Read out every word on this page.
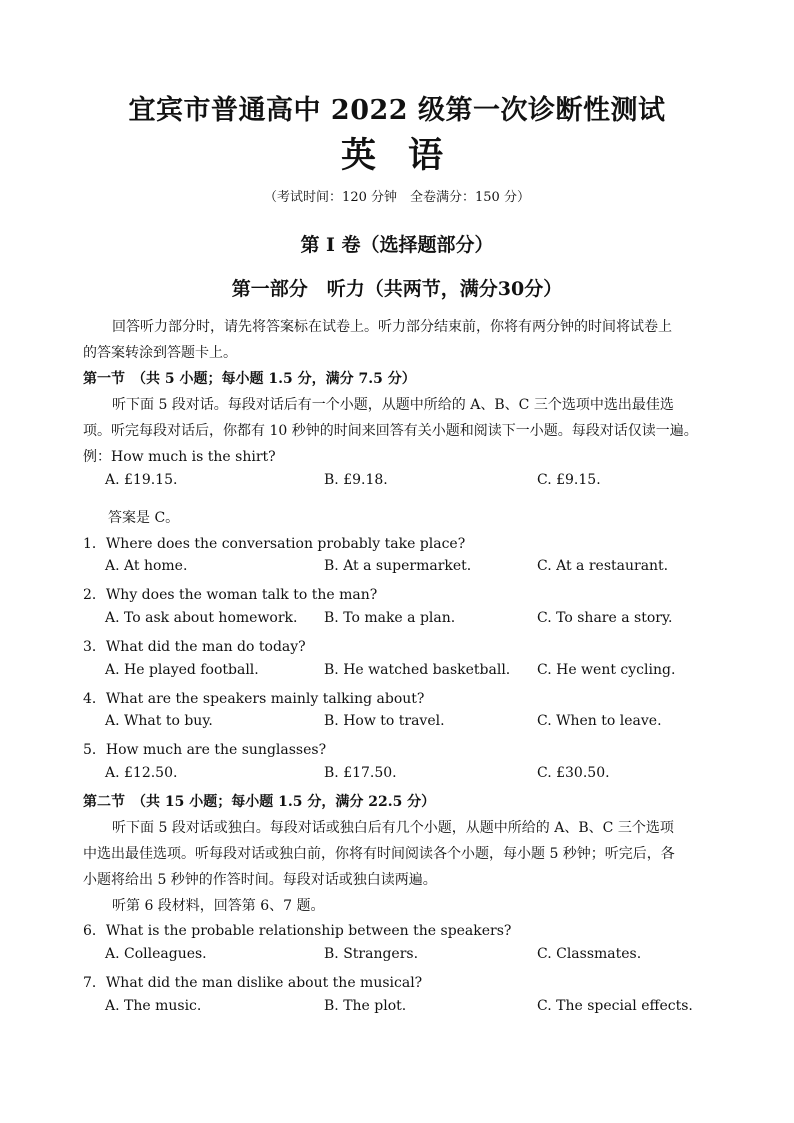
宜宾市普通高中 2022 级第一次诊断性测试
英语
（考试时间：120 分钟　全卷满分：150 分）
第 I 卷（选择题部分）
第一部分　听力（共两节，满分30分）
回答听力部分时，请先将答案标在试卷上。听力部分结束前，你将有两分钟的时间将试卷上
的答案转涂到答题卡上。
第一节　（共 5 小题；每小题 1.5 分，满分 7.5 分）
听下面 5 段对话。每段对话后有一个小题，从题中所给的 A、B、C 三个选项中选出最佳选
项。听完每段对话后，你都有 10 秒钟的时间来回答有关小题和阅读下一小题。每段对话仅读一遍。
例：How much is the shirt?
A. £19.15.	B. £9.18.	C. £9.15.
答案是 C。
1．Where does the conversation probably take place?
A. At home.	B. At a supermarket.	C. At a restaurant.
2．Why does the woman talk to the man?
A. To ask about homework. B. To make a plan.	C. To share a story.
3．What did the man do today?
A. He played football.	B. He watched basketball. C. He went cycling.
4．What are the speakers mainly talking about?
A. What to buy.	B. How to travel.	C. When to leave.
5．How much are the sunglasses?
A. £12.50.	B. £17.50.	C. £30.50.
第二节　（共 15 小题；每小题 1.5 分，满分 22.5 分）
听下面 5 段对话或独白。每段对话或独白后有几个小题，从题中所给的 A、B、C 三个选项
中选出最佳选项。听每段对话或独白前，你将有时间阅读各个小题，每小题 5 秒钟；听完后，各
小题将给出 5 秒钟的作答时间。每段对话或独白读两遍。
听第 6 段材料，回答第 6、7 题。
6．What is the probable relationship between the speakers?
A. Colleagues.	B. Strangers.	C. Classmates.
7．What did the man dislike about the musical?
A. The music.	B. The plot.	C. The special effects.
